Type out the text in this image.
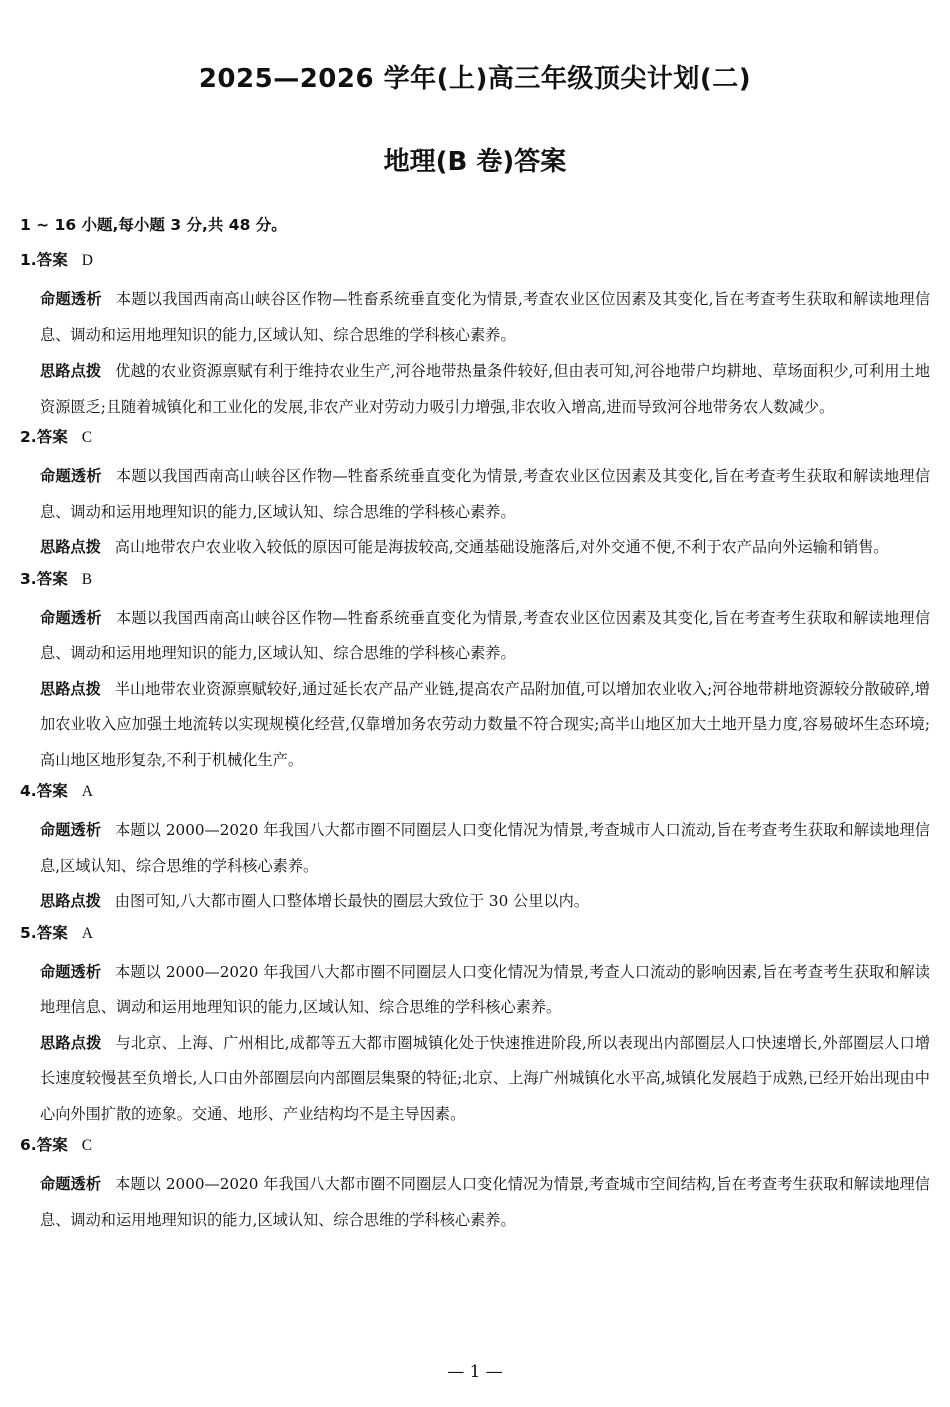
2025—2026 学年(上)高三年级顶尖计划(二)
地理(B 卷)答案
1 ~ 16 小题,每小题 3 分,共 48 分。
1.答案 D
命题透析 本题以我国西南高山峡谷区作物—牲畜系统垂直变化为情景,考查农业区位因素及其变化,旨在考查考生获取和解读地理信息、调动和运用地理知识的能力,区域认知、综合思维的学科核心素养。
思路点拨 优越的农业资源禀赋有利于维持农业生产,河谷地带热量条件较好,但由表可知,河谷地带户均耕地、草场面积少,可利用土地资源匮乏;且随着城镇化和工业化的发展,非农产业对劳动力吸引力增强,非农收入增高,进而导致河谷地带务农人数减少。
2.答案 C
命题透析 本题以我国西南高山峡谷区作物—牲畜系统垂直变化为情景,考查农业区位因素及其变化,旨在考查考生获取和解读地理信息、调动和运用地理知识的能力,区域认知、综合思维的学科核心素养。
思路点拨 高山地带农户农业收入较低的原因可能是海拔较高,交通基础设施落后,对外交通不便,不利于农产品向外运输和销售。
3.答案 B
命题透析 本题以我国西南高山峡谷区作物—牲畜系统垂直变化为情景,考查农业区位因素及其变化,旨在考查考生获取和解读地理信息、调动和运用地理知识的能力,区域认知、综合思维的学科核心素养。
思路点拨 半山地带农业资源禀赋较好,通过延长农产品产业链,提高农产品附加值,可以增加农业收入;河谷地带耕地资源较分散破碎,增加农业收入应加强土地流转以实现规模化经营,仅靠增加务农劳动力数量不符合现实;高半山地区加大土地开垦力度,容易破坏生态环境;高山地区地形复杂,不利于机械化生产。
4.答案 A
命题透析 本题以 2000—2020 年我国八大都市圈不同圈层人口变化情况为情景,考查城市人口流动,旨在考查考生获取和解读地理信息,区域认知、综合思维的学科核心素养。
思路点拨 由图可知,八大都市圈人口整体增长最快的圈层大致位于 30 公里以内。
5.答案 A
命题透析 本题以 2000—2020 年我国八大都市圈不同圈层人口变化情况为情景,考查人口流动的影响因素,旨在考查考生获取和解读地理信息、调动和运用地理知识的能力,区域认知、综合思维的学科核心素养。
思路点拨 与北京、上海、广州相比,成都等五大都市圈城镇化处于快速推进阶段,所以表现出内部圈层人口快速增长,外部圈层人口增长速度较慢甚至负增长,人口由外部圈层向内部圈层集聚的特征;北京、上海广州城镇化水平高,城镇化发展趋于成熟,已经开始出现由中心向外围扩散的迹象。交通、地形、产业结构均不是主导因素。
6.答案 C
命题透析 本题以 2000—2020 年我国八大都市圈不同圈层人口变化情况为情景,考查城市空间结构,旨在考查考生获取和解读地理信息、调动和运用地理知识的能力,区域认知、综合思维的学科核心素养。
— 1 —
